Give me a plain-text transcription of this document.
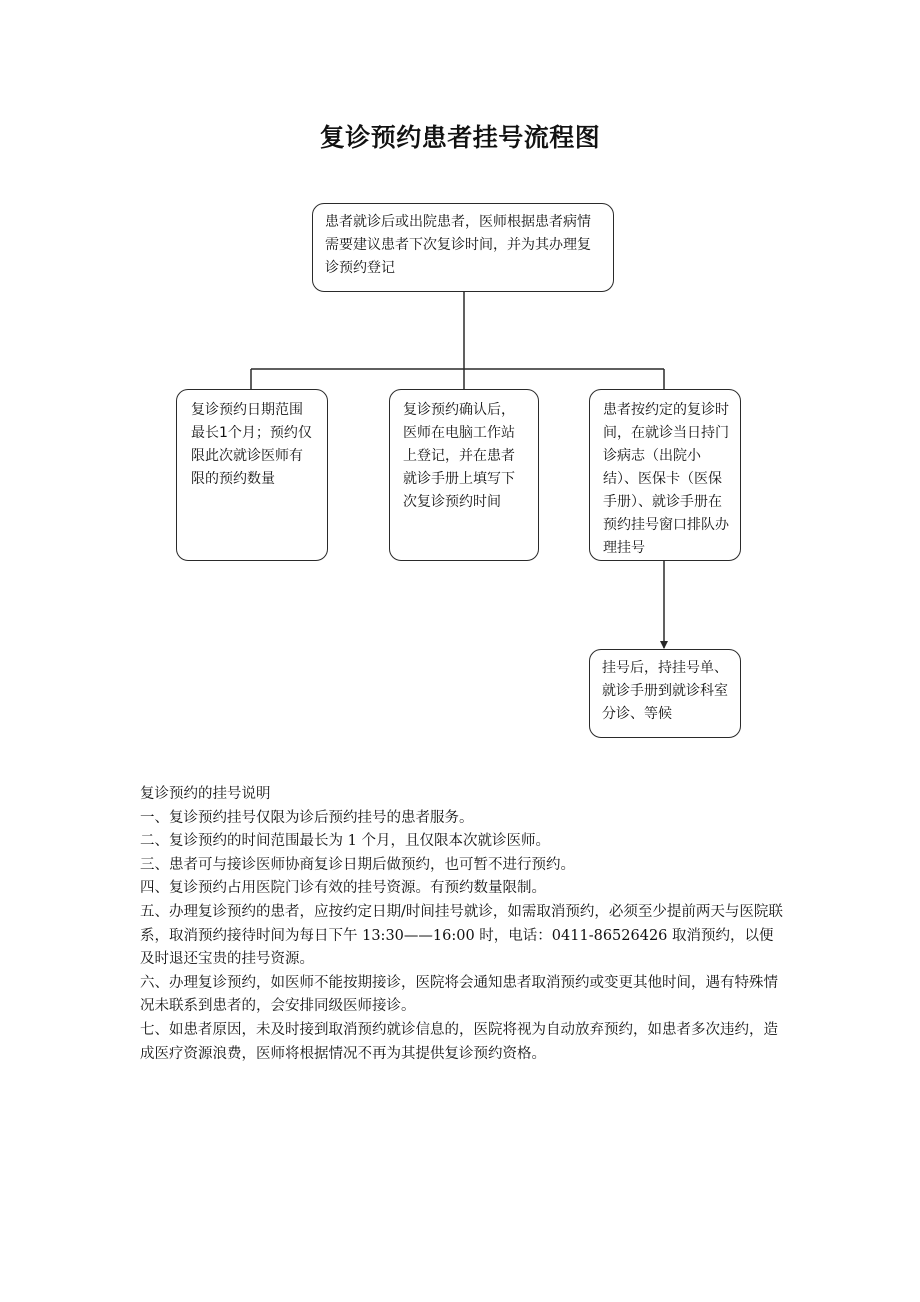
复诊预约患者挂号流程图
患者就诊后或出院患者，医师根据患者病情需要建议患者下次复诊时间，并为其办理复诊预约登记
复诊预约日期范围最长1个月；预约仅限此次就诊医师有限的预约数量
复诊预约确认后，医师在电脑工作站上登记，并在患者就诊手册上填写下次复诊预约时间
患者按约定的复诊时间，在就诊当日持门诊病志（出院小结）、医保卡（医保手册）、就诊手册在预约挂号窗口排队办理挂号
挂号后，持挂号单、就诊手册到就诊科室分诊、等候
复诊预约的挂号说明
一、复诊预约挂号仅限为诊后预约挂号的患者服务。
二、复诊预约的时间范围最长为 1 个月，且仅限本次就诊医师。
三、患者可与接诊医师协商复诊日期后做预约，也可暂不进行预约。
四、复诊预约占用医院门诊有效的挂号资源。有预约数量限制。
五、办理复诊预约的患者，应按约定日期/时间挂号就诊，如需取消预约，必须至少提前两天与医院联系，取消预约接待时间为每日下午 13:30——16:00 时，电话：0411-86526426 取消预约，以便及时退还宝贵的挂号资源。
六、办理复诊预约，如医师不能按期接诊，医院将会通知患者取消预约或变更其他时间，遇有特殊情况未联系到患者的，会安排同级医师接诊。
七、如患者原因，未及时接到取消预约就诊信息的，医院将视为自动放弃预约，如患者多次违约，造成医疗资源浪费，医师将根据情况不再为其提供复诊预约资格。
